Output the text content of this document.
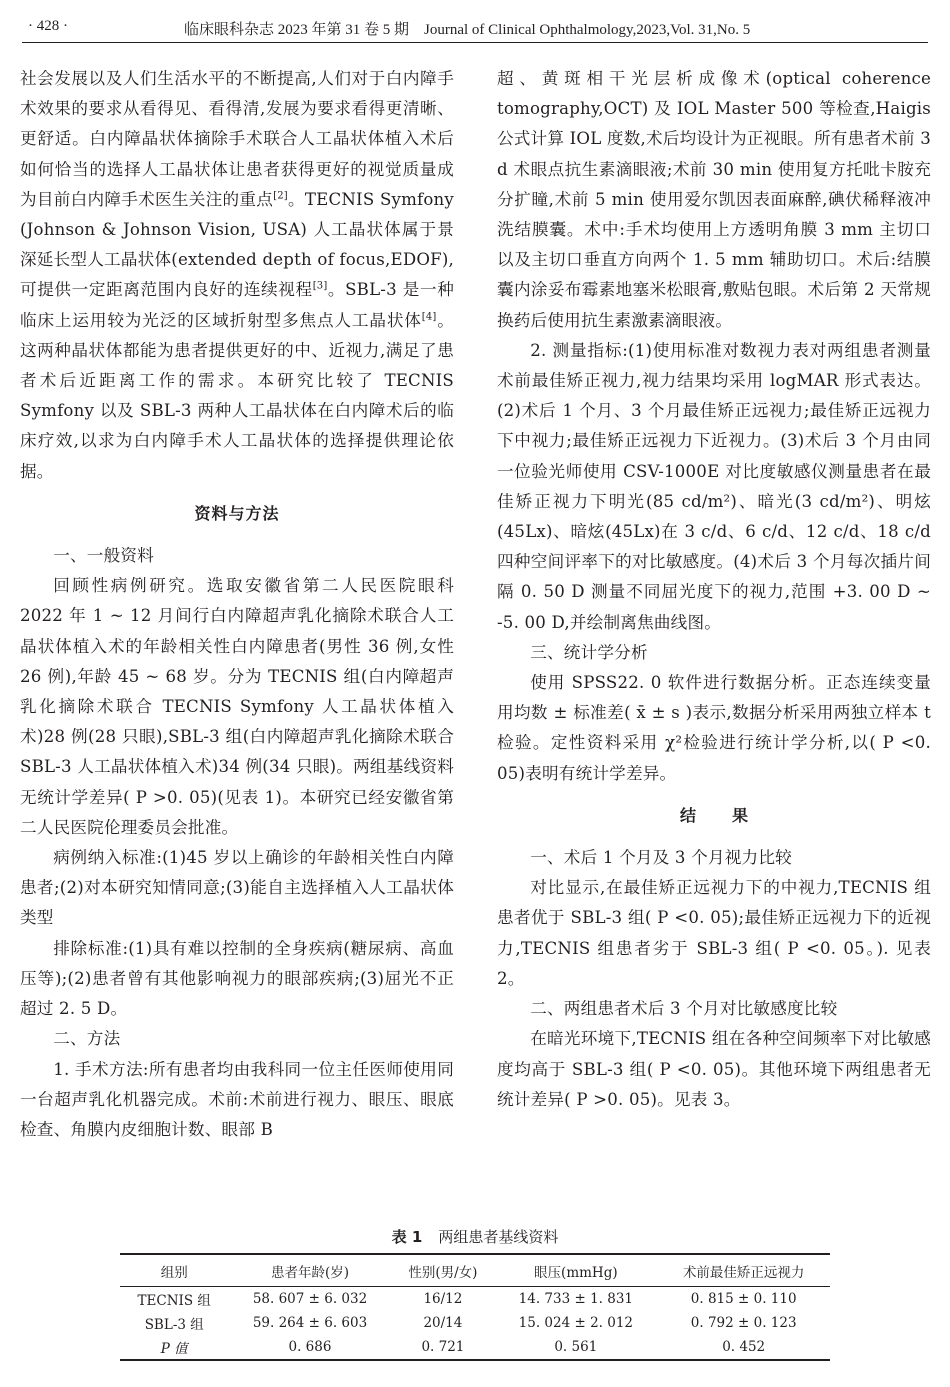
· 428 ·	临床眼科杂志 2023 年第 31 卷 5 期　Journal of Clinical Ophthalmology,2023,Vol. 31,No. 5

社会发展以及人们生活水平的不断提高,人们对于白内障手术效果的要求从看得见、看得清,发展为要求看得更清晰、更舒适。白内障晶状体摘除手术联合人工晶状体植入术后如何恰当的选择人工晶状体让患者获得更好的视觉质量成为目前白内障手术医生关注的重点[2]。TECNIS Symfony (Johnson & Johnson Vision, USA) 人工晶状体属于景深延长型人工晶状体(extended depth of focus,EDOF),可提供一定距离范围内良好的连续视程[3]。SBL-3 是一种临床上运用较为光泛的区域折射型多焦点人工晶状体[4]。这两种晶状体都能为患者提供更好的中、近视力,满足了患者术后近距离工作的需求。本研究比较了 TECNIS Symfony 以及 SBL-3 两种人工晶状体在白内障术后的临床疗效,以求为白内障手术人工晶状体的选择提供理论依据。

资料与方法

一、一般资料

回顾性病例研究。选取安徽省第二人民医院眼科 2022 年 1 ~ 12 月间行白内障超声乳化摘除术联合人工晶状体植入术的年龄相关性白内障患者(男性 36 例,女性 26 例),年龄 45 ~ 68 岁。分为 TECNIS 组(白内障超声乳化摘除术联合 TECNIS Symfony 人工晶状体植入术)28 例(28 只眼),SBL-3 组(白内障超声乳化摘除术联合 SBL-3 人工晶状体植入术)34 例(34 只眼)。两组基线资料无统计学差异( P >0. 05)(见表 1)。本研究已经安徽省第二人民医院伦理委员会批准。

病例纳入标准:(1)45 岁以上确诊的年龄相关性白内障患者;(2)对本研究知情同意;(3)能自主选择植入人工晶状体类型

排除标准:(1)具有难以控制的全身疾病(糖尿病、高血压等);(2)患者曾有其他影响视力的眼部疾病;(3)屈光不正超过 2. 5 D。

二、方法

1. 手术方法:所有患者均由我科同一位主任医师使用同一台超声乳化机器完成。术前:术前进行视力、眼压、眼底检查、角膜内皮细胞计数、眼部 B

超、黄斑相干光层析成像术(optical coherence tomography,OCT) 及 IOL Master 500 等检查,Haigis 公式计算 IOL 度数,术后均设计为正视眼。所有患者术前 3 d 术眼点抗生素滴眼液;术前 30 min 使用复方托吡卡胺充分扩瞳,术前 5 min 使用爱尔凯因表面麻醉,碘伏稀释液冲洗结膜囊。术中:手术均使用上方透明角膜 3 mm 主切口以及主切口垂直方向两个 1. 5 mm 辅助切口。术后:结膜囊内涂妥布霉素地塞米松眼膏,敷贴包眼。术后第 2 天常规换药后使用抗生素激素滴眼液。

2. 测量指标:(1)使用标准对数视力表对两组患者测量术前最佳矫正视力,视力结果均采用 logMAR 形式表达。(2)术后 1 个月、3 个月最佳矫正远视力;最佳矫正远视力下中视力;最佳矫正远视力下近视力。(3)术后 3 个月由同一位验光师使用 CSV-1000E 对比度敏感仪测量患者在最佳矫正视力下明光(85 cd/m²)、暗光(3 cd/m²)、明炫(45Lx)、暗炫(45Lx)在 3 c/d、6 c/d、12 c/d、18 c/d 四种空间评率下的对比敏感度。(4)术后 3 个月每次插片间隔 0. 50 D 测量不同屈光度下的视力,范围 +3. 00 D ~ -5. 00 D,并绘制离焦曲线图。

三、统计学分析

使用 SPSS22. 0 软件进行数据分析。正态连续变量用均数 ± 标准差( x̄ ± s )表示,数据分析采用两独立样本 t 检验。定性资料采用 χ²检验进行统计学分析,以( P <0. 05)表明有统计学差异。

结果

一、术后 1 个月及 3 个月视力比较

对比显示,在最佳矫正远视力下的中视力,TECNIS 组患者优于 SBL-3 组( P <0. 05);最佳矫正远视力下的近视力,TECNIS 组患者劣于 SBL-3 组( P <0. 05。). 见表 2。

二、两组患者术后 3 个月对比敏感度比较

在暗光环境下,TECNIS 组在各种空间频率下对比敏感度均高于 SBL-3 组( P <0. 05)。其他环境下两组患者无统计差异( P >0. 05)。见表 3。

表 1 两组患者基线资料
组别	患者年龄(岁)	性别(男/女)	眼压(mmHg)	术前最佳矫正远视力
TECNIS 组	58. 607 ± 6. 032	16/12	14. 733 ± 1. 831	0. 815 ± 0. 110
SBL-3 组	59. 264 ± 6. 603	20/14	15. 024 ± 2. 012	0. 792 ± 0. 123
P 值	0. 686	0. 721	0. 561	0. 452
